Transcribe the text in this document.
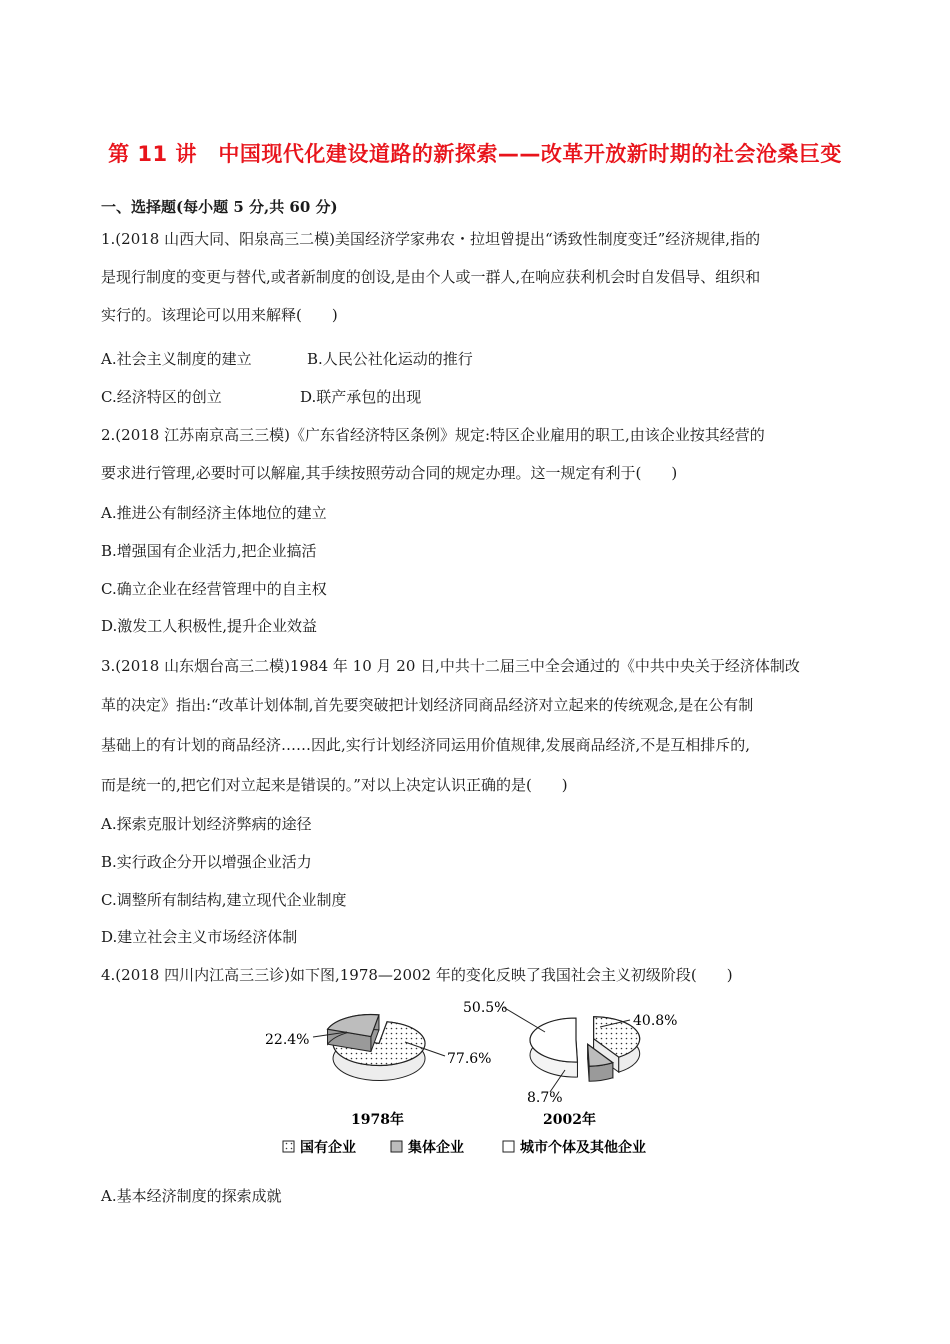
第 11 讲　中国现代化建设道路的新探索——改革开放新时期的社会沧桑巨变
一、选择题(每小题 5 分,共 60 分)
1.(2018 山西大同、阳泉高三二模)美国经济学家弗农・拉坦曾提出“诱致性制度变迁”经济规律,指的
是现行制度的变更与替代,或者新制度的创设,是由个人或一群人,在响应获利机会时自发倡导、组织和
实行的。该理论可以用来解释(　　)
A.社会主义制度的建立	B.人民公社化运动的推行
C.经济特区的创立	D.联产承包的出现
2.(2018 江苏南京高三三模)《广东省经济特区条例》规定:特区企业雇用的职工,由该企业按其经营的
要求进行管理,必要时可以解雇,其手续按照劳动合同的规定办理。这一规定有利于(　　)
A.推进公有制经济主体地位的建立
B.增强国有企业活力,把企业搞活
C.确立企业在经营管理中的自主权
D.激发工人积极性,提升企业效益
3.(2018 山东烟台高三二模)1984 年 10 月 20 日,中共十二届三中全会通过的《中共中央关于经济体制改
革的决定》指出:“改革计划体制,首先要突破把计划经济同商品经济对立起来的传统观念,是在公有制
基础上的有计划的商品经济……因此,实行计划经济同运用价值规律,发展商品经济,不是互相排斥的,
而是统一的,把它们对立起来是错误的。”对以上决定认识正确的是(　　)
A.探索克服计划经济弊病的途径
B.实行政企分开以增强企业活力
C.调整所有制结构,建立现代企业制度
D.建立社会主义市场经济体制
4.(2018 四川内江高三三诊)如下图,1978—2002 年的变化反映了我国社会主义初级阶段(　　)
22.4%
77.6%
50.5%
40.8%
8.7%
1978年	2002年
国有企业	集体企业	城市个体及其他企业
A.基本经济制度的探索成就
